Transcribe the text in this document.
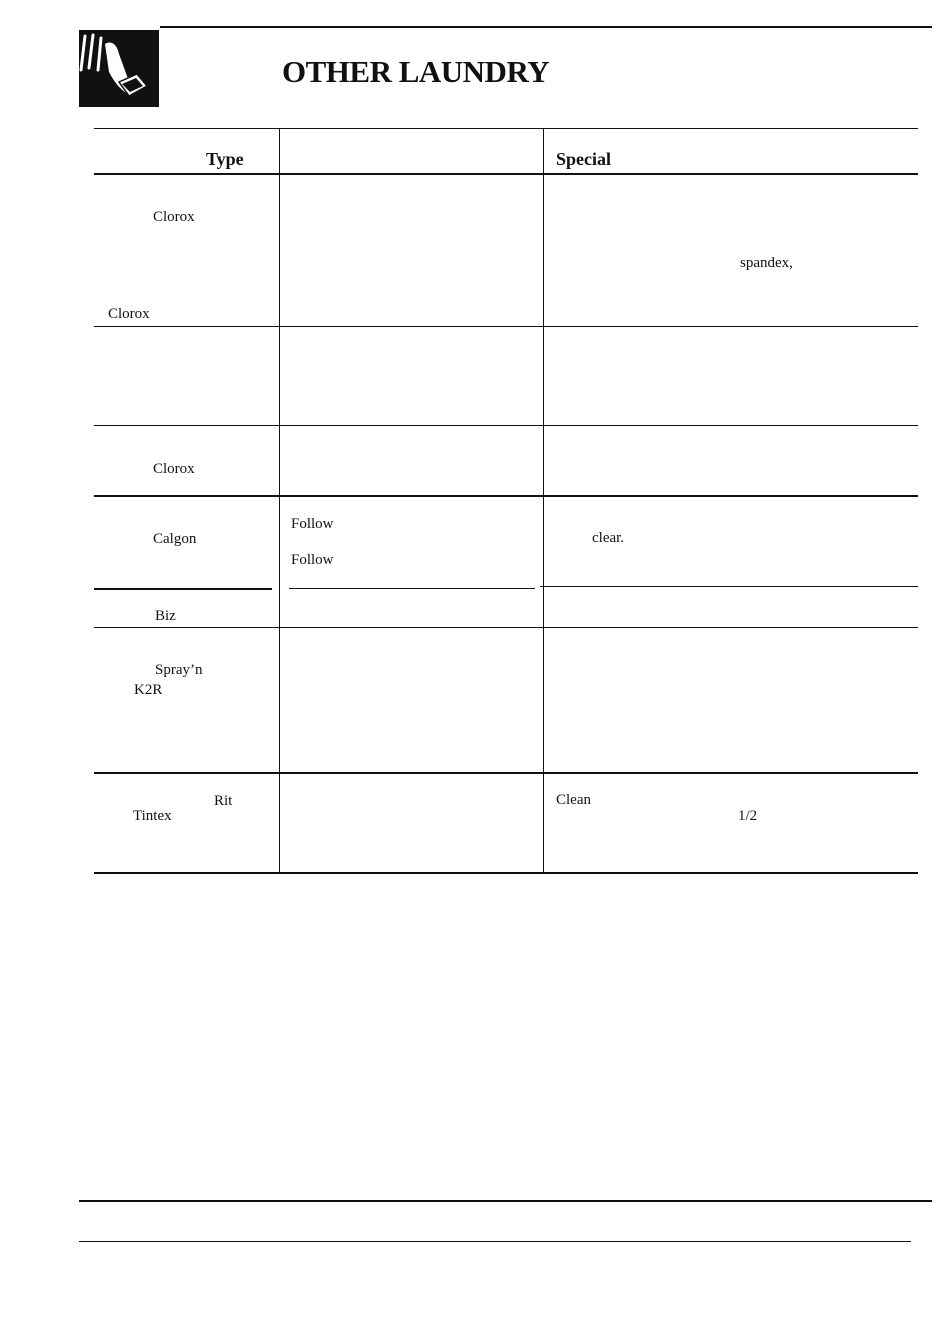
OTHER LAUNDRY
Type	Special
Clorox
Clorox
spandex,
Clorox
Calgon
Follow
Follow
clear.
Biz
Spray’n
K2R
Rit
Tintex
Clean
1/2
